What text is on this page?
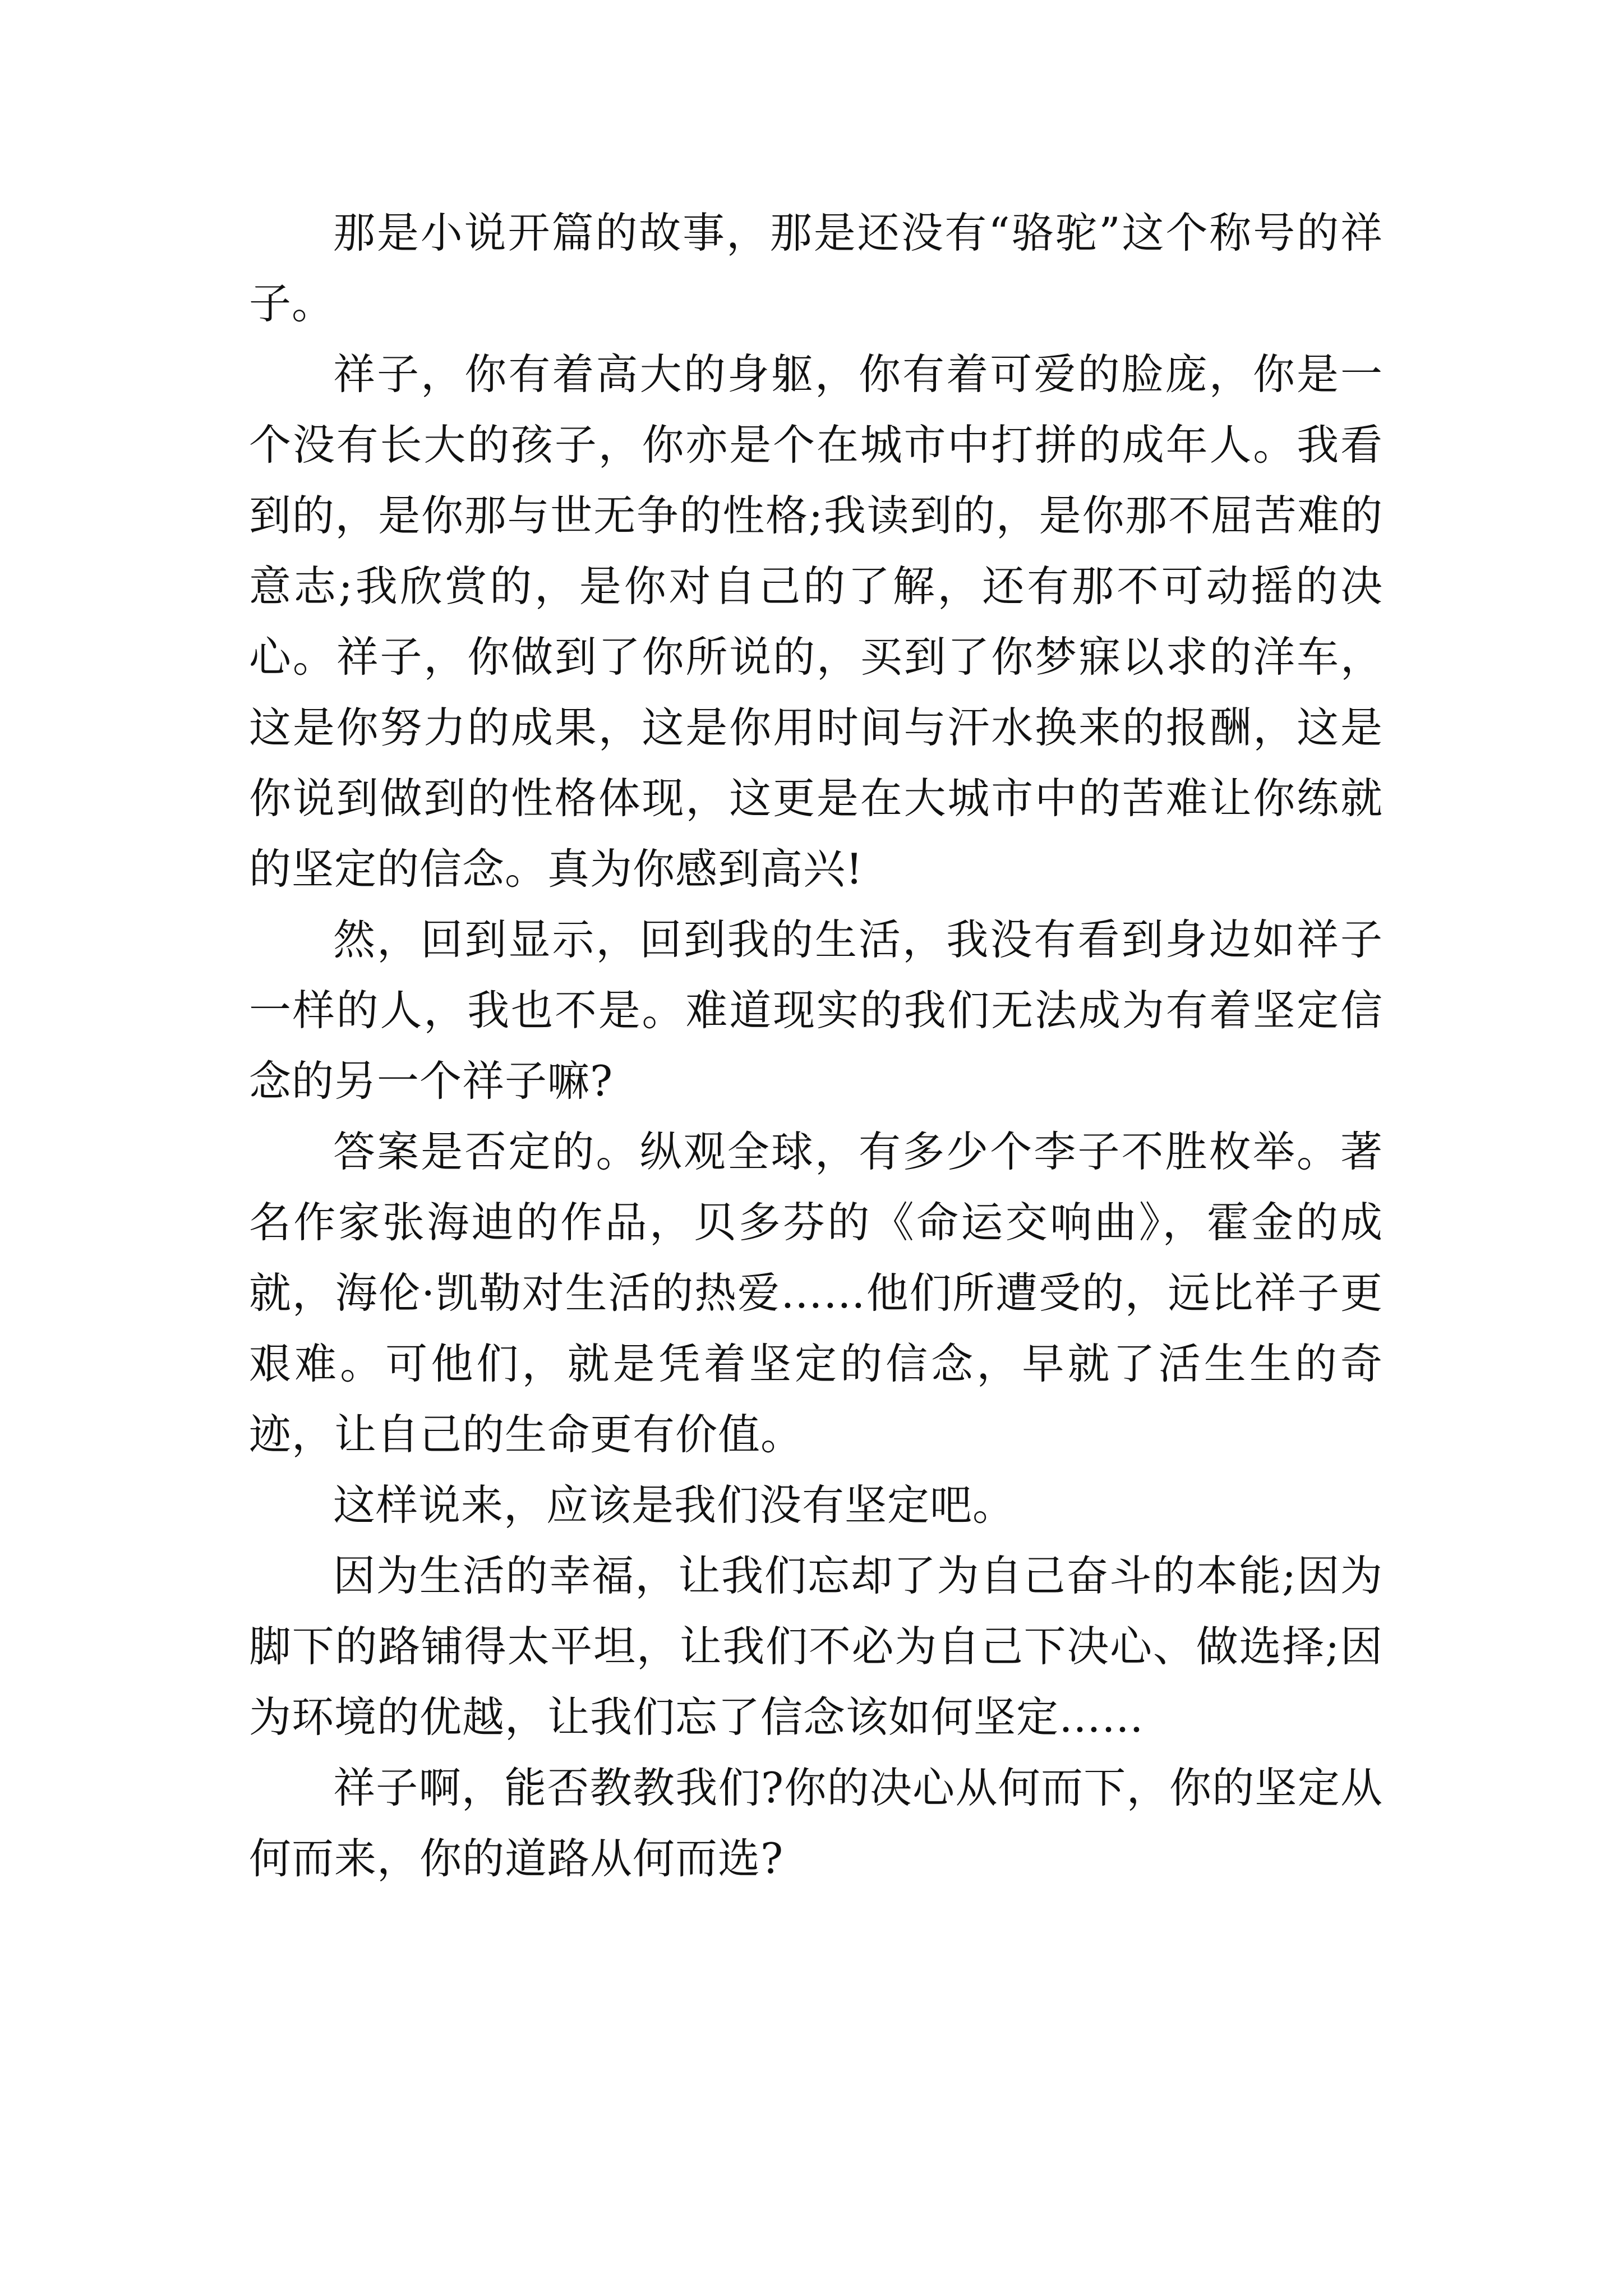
那是小说开篇的故事，那是还没有“骆驼”这个称号的祥子。

祥子，你有着高大的身躯，你有着可爱的脸庞，你是一个没有长大的孩子，你亦是个在城市中打拼的成年人。我看到的，是你那与世无争的性格;我读到的，是你那不屈苦难的意志;我欣赏的，是你对自己的了解，还有那不可动摇的决心。祥子，你做到了你所说的，买到了你梦寐以求的洋车，这是你努力的成果，这是你用时间与汗水换来的报酬，这是你说到做到的性格体现，这更是在大城市中的苦难让你练就的坚定的信念。真为你感到高兴!

然，回到显示，回到我的生活，我没有看到身边如祥子一样的人，我也不是。难道现实的我们无法成为有着坚定信念的另一个祥子嘛?

答案是否定的。纵观全球，有多少个李子不胜枚举。著名作家张海迪的作品，贝多芬的《命运交响曲》，霍金的成就，海伦·凯勒对生活的热爱……他们所遭受的，远比祥子更艰难。可他们，就是凭着坚定的信念，早就了活生生的奇迹，让自己的生命更有价值。

这样说来，应该是我们没有坚定吧。

因为生活的幸福，让我们忘却了为自己奋斗的本能;因为脚下的路铺得太平坦，让我们不必为自己下决心、做选择;因为环境的优越，让我们忘了信念该如何坚定……

祥子啊，能否教教我们?你的决心从何而下，你的坚定从何而来，你的道路从何而选?
